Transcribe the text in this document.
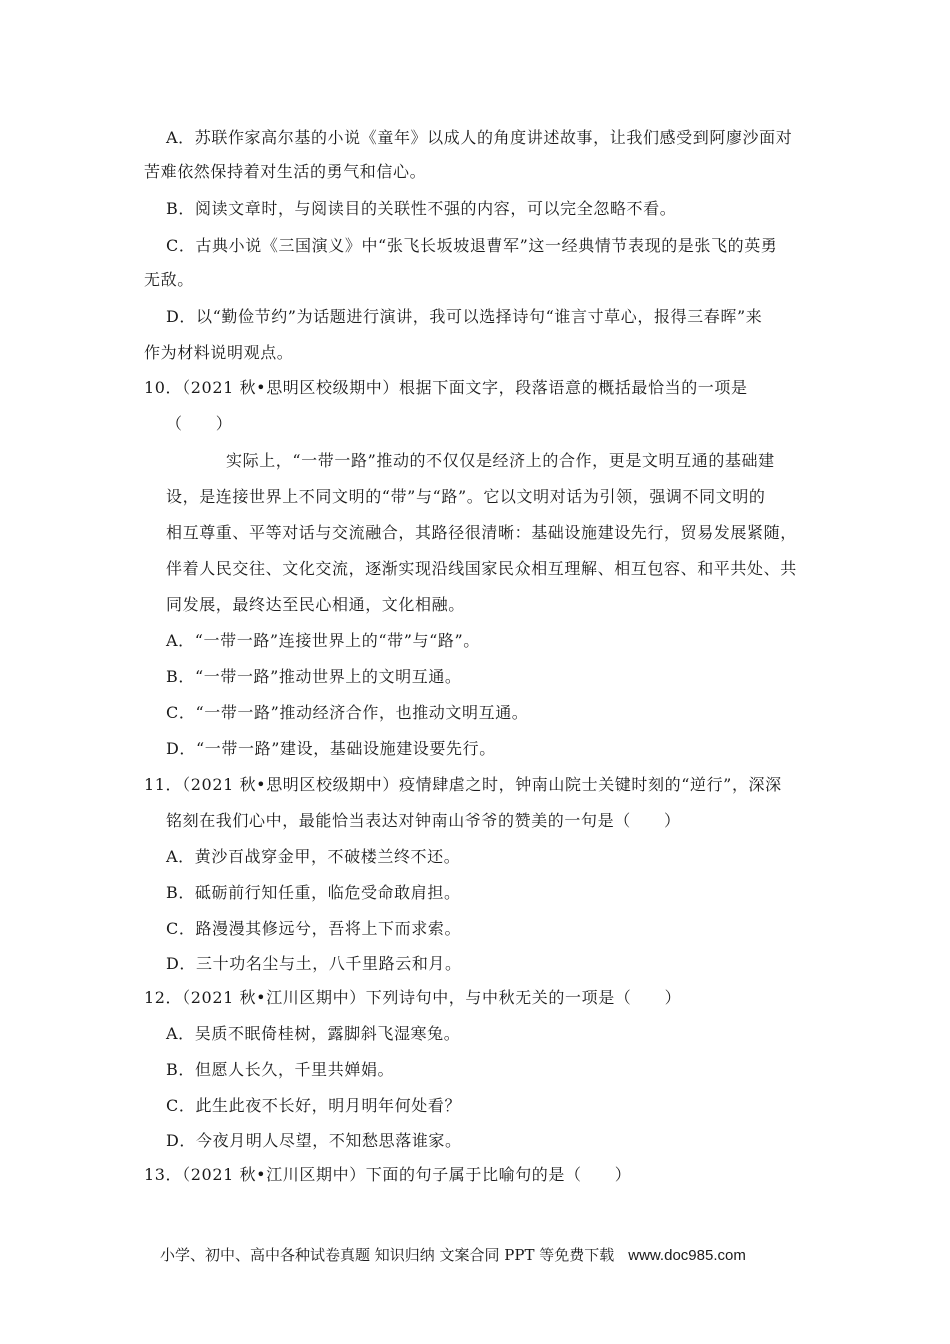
A．苏联作家高尔基的小说《童年》以成人的角度讲述故事，让我们感受到阿廖沙面对
苦难依然保持着对生活的勇气和信心。
B．阅读文章时，与阅读目的关联性不强的内容，可以完全忽略不看。
C．古典小说《三国演义》中“张飞长坂坡退曹军”这一经典情节表现的是张飞的英勇
无敌。
D．以“勤俭节约”为话题进行演讲，我可以选择诗句“谁言寸草心，报得三春晖”来
作为材料说明观点。
10．（2021 秋•思明区校级期中）根据下面文字，段落语意的概括最恰当的一项是
（　　）
实际上，“一带一路”推动的不仅仅是经济上的合作，更是文明互通的基础建
设，是连接世界上不同文明的“带”与“路”。它以文明对话为引领，强调不同文明的
相互尊重、平等对话与交流融合，其路径很清晰：基础设施建设先行，贸易发展紧随，
伴着人民交往、文化交流，逐渐实现沿线国家民众相互理解、相互包容、和平共处、共
同发展，最终达至民心相通，文化相融。
A．“一带一路”连接世界上的“带”与“路”。
B．“一带一路”推动世界上的文明互通。
C．“一带一路”推动经济合作，也推动文明互通。
D．“一带一路”建设，基础设施建设要先行。
11．（2021 秋•思明区校级期中）疫情肆虐之时，钟南山院士关键时刻的“逆行”，深深
铭刻在我们心中，最能恰当表达对钟南山爷爷的赞美的一句是（　　）
A．黄沙百战穿金甲，不破楼兰终不还。
B．砥砺前行知任重，临危受命敢肩担。
C．路漫漫其修远兮，吾将上下而求索。
D．三十功名尘与土，八千里路云和月。
12．（2021 秋•江川区期中）下列诗句中，与中秋无关的一项是（　　）
A．吴质不眠倚桂树，露脚斜飞湿寒兔。
B．但愿人长久，千里共婵娟。
C．此生此夜不长好，明月明年何处看？
D．今夜月明人尽望，不知愁思落谁家。
13．（2021 秋•江川区期中）下面的句子属于比喻句的是（　　）
小学、初中、高中各种试卷真题 知识归纳 文案合同 PPT 等免费下载 www.doc985.com
